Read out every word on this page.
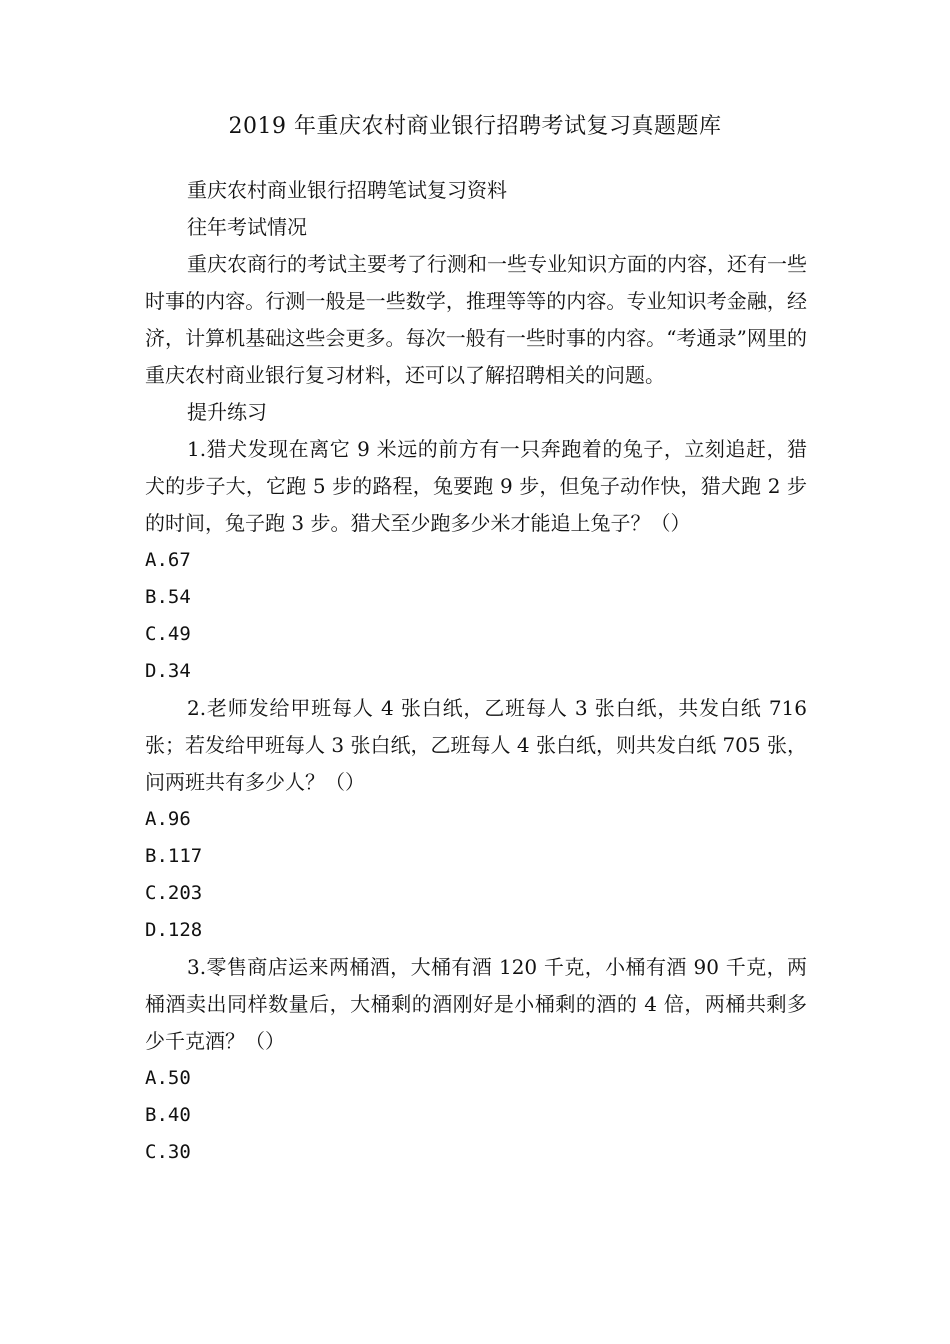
2019 年重庆农村商业银行招聘考试复习真题题库

重庆农村商业银行招聘笔试复习资料

往年考试情况

重庆农商行的考试主要考了行测和一些专业知识方面的内容，还有一些时事的内容。行测一般是一些数学，推理等等的内容。专业知识考金融，经济，计算机基础这些会更多。每次一般有一些时事的内容。“考通录”网里的重庆农村商业银行复习材料，还可以了解招聘相关的问题。

提升练习

1.猎犬发现在离它 9 米远的前方有一只奔跑着的兔子，立刻追赶，猎犬的步子大，它跑 5 步的路程，兔要跑 9 步，但兔子动作快，猎犬跑 2 步的时间，兔子跑 3 步。猎犬至少跑多少米才能追上兔子？（）

A.67

B.54

C.49

D.34

2.老师发给甲班每人 4 张白纸，乙班每人 3 张白纸，共发白纸 716 张；若发给甲班每人 3 张白纸，乙班每人 4 张白纸，则共发白纸 705 张，问两班共有多少人？（）

A.96

B.117

C.203

D.128

3.零售商店运来两桶酒，大桶有酒 120 千克，小桶有酒 90 千克，两桶酒卖出同样数量后，大桶剩的酒刚好是小桶剩的酒的 4 倍，两桶共剩多少千克酒？（）

A.50

B.40

C.30
